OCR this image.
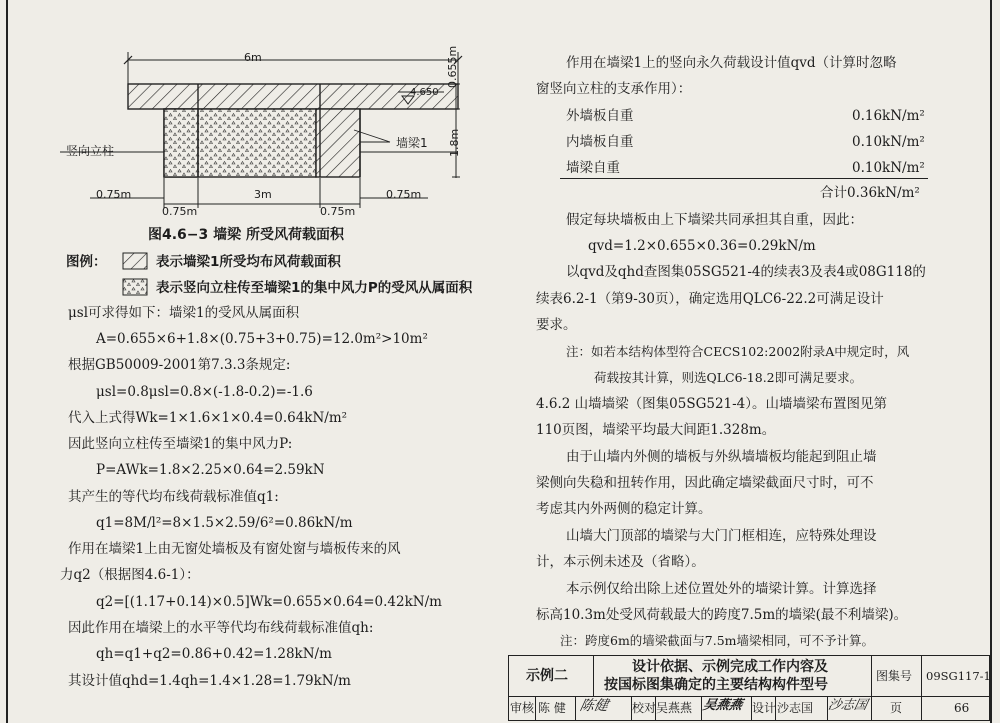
6m
4.650
0.655m
1.8m
竖向立柱
墙梁1
0.75m	3m	0.75m
0.75m	0.75m
图4.6−3 墙梁 所受风荷载面积
图例：	表示墙梁1所受均布风荷载面积
表示竖向立柱传至墙梁1的集中风力P的受风从属面积
μsl可求得如下：墙梁1的受风从属面积
A=0.655×6+1.8×(0.75+3+0.75)=12.0m²>10m²
根据GB50009-2001第7.3.3条规定:
μsl=0.8μsl=0.8×(-1.8-0.2)=-1.6
代入上式得Wk=1×1.6×1×0.4=0.64kN/m²
因此竖向立柱传至墙梁1的集中风力P:
P=AWk=1.8×2.25×0.64=2.59kN
其产生的等代均布线荷载标准值q1:
q1=8M/l²=8×1.5×2.59/6²=0.86kN/m
作用在墙梁1上由无窗处墙板及有窗处窗与墙板传来的风
力q2（根据图4.6-1）：
q2=[(1.17+0.14)×0.5]Wk=0.655×0.64=0.42kN/m
因此作用在墙梁上的水平等代均布线荷载标准值qh:
qh=q1+q2=0.86+0.42=1.28kN/m
其设计值qhd=1.4qh=1.4×1.28=1.79kN/m
作用在墙梁1上的竖向永久荷载设计值qvd（计算时忽略
窗竖向立柱的支承作用）：
外墙板自重	0.16kN/m²
内墙板自重	0.10kN/m²
墙梁自重	0.10kN/m²
合计0.36kN/m²
假定每块墙板由上下墙梁共同承担其自重，因此：
qvd=1.2×0.655×0.36=0.29kN/m
以qvd及qhd查图集05SG521-4的续表3及表4或08G118的
续表6.2-1（第9-30页），确定选用QLC6-22.2可满足设计
要求。
注：如若本结构体型符合CECS102:2002附录A中规定时，风
荷载按其计算，则选QLC6-18.2即可满足要求。
4.6.2 山墙墙梁（图集05SG521-4）。山墙墙梁布置图见第
110页图，墙梁平均最大间距1.328m。
由于山墙内外侧的墙板与外纵墙墙板均能起到阻止墙
梁侧向失稳和扭转作用，因此确定墙梁截面尺寸时，可不
考虑其内外两侧的稳定计算。
山墙大门顶部的墙梁与大门门框相连，应特殊处理设
计，本示例未述及（省略）。
本示例仅给出除上述位置处外的墙梁计算。计算选择
标高10.3m处受风荷载最大的跨度7.5m的墙梁(最不利墙梁)。
注：跨度6m的墙梁截面与7.5m墙梁相同，可不予计算。
示例二
设计依据、示例完成工作内容及
按国标图集确定的主要结构构件型号
图集号 09SG117-1
审核 陈 健 陈健 校对 吴燕燕 吴燕燕 设计 沙志国 沙志国 页	66
